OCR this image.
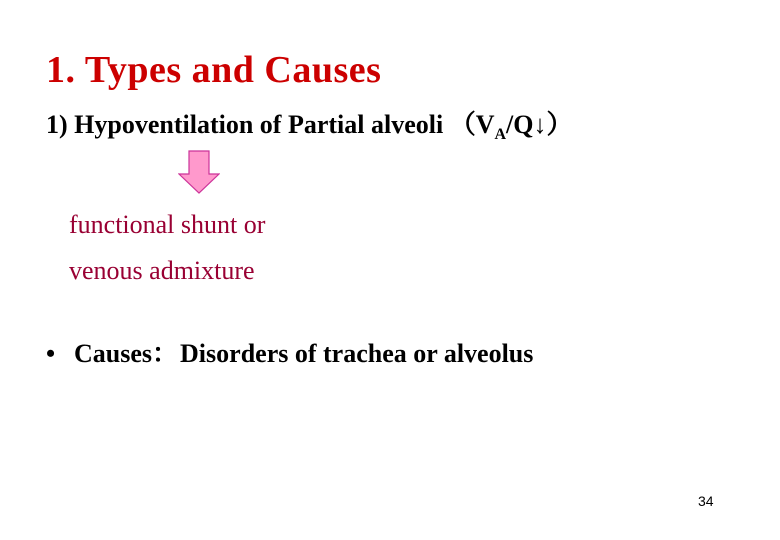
1. Types and Causes
1) Hypoventilation of Partial alveoli $(V_A/Q↓)$
functional shunt or
venous admixture
• Causes：Disorders of trachea or alveolus
34
